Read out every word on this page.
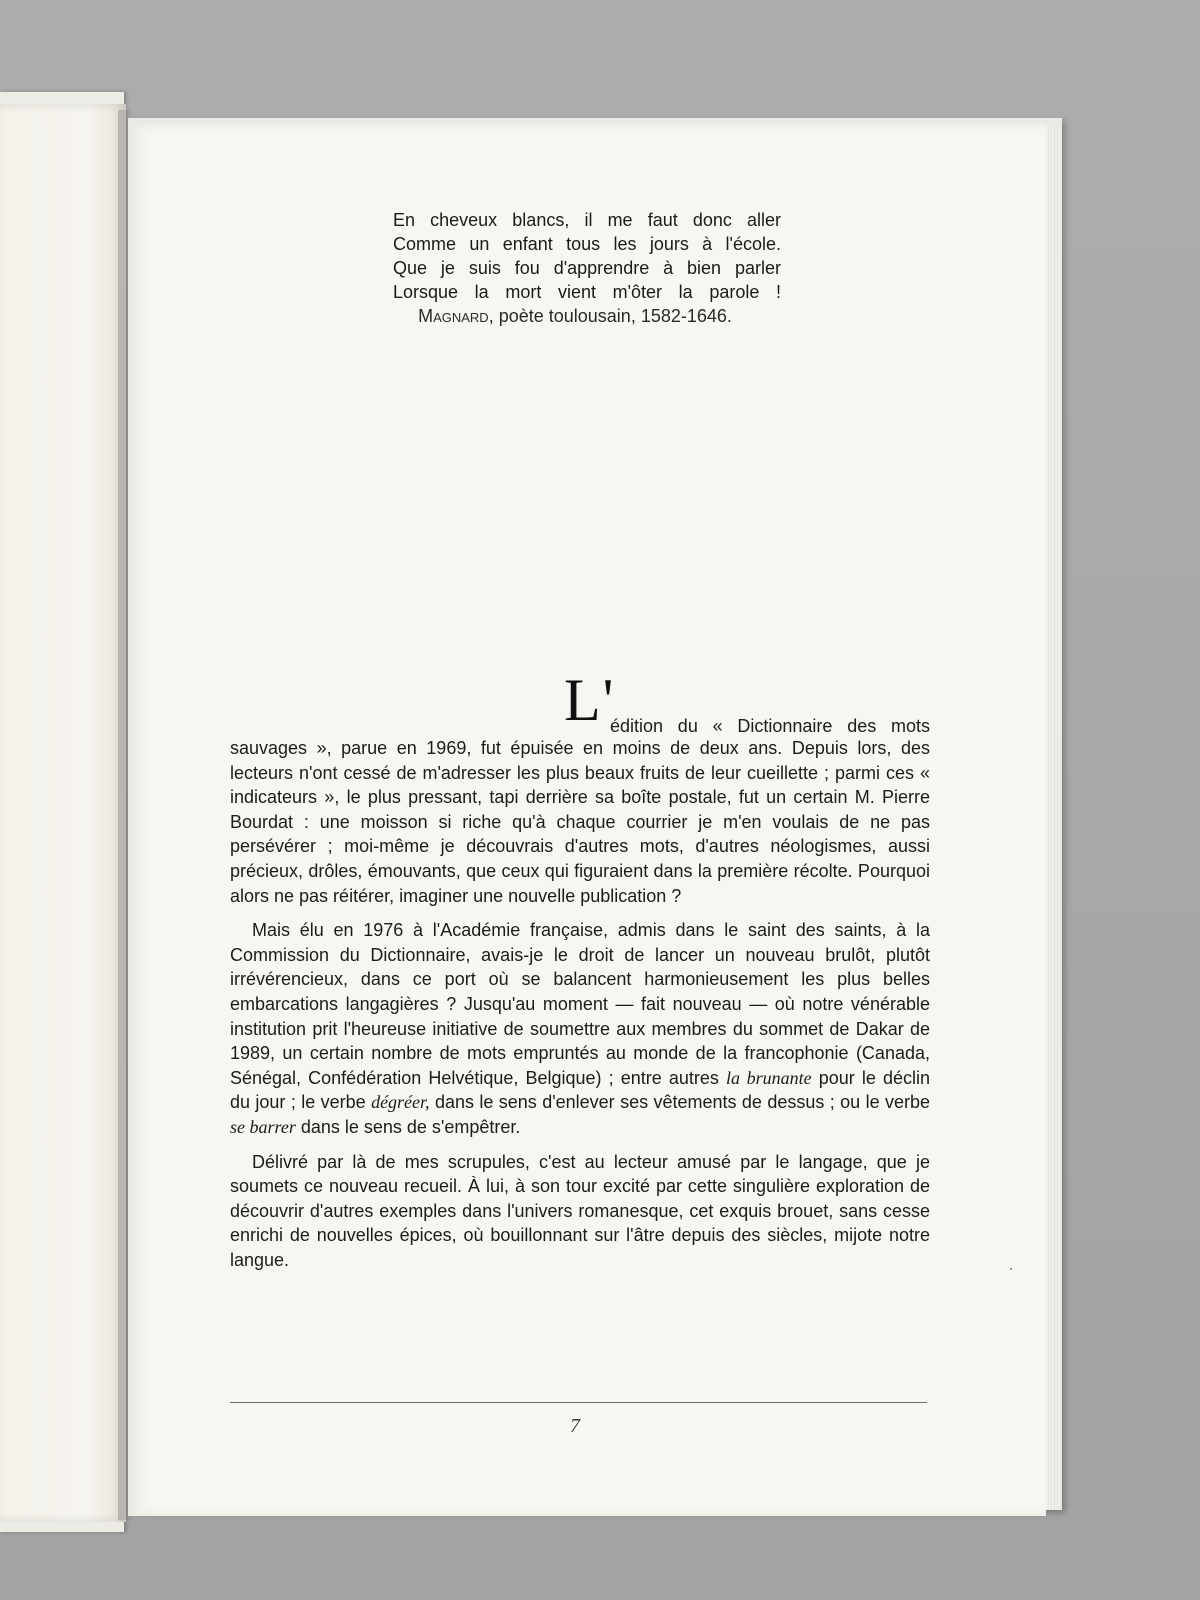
En cheveux blancs, il me faut donc aller
Comme un enfant tous les jours à l'école.
Que je suis fou d'apprendre à bien parler
Lorsque la mort vient m'ôter la parole !
Magnard, poète toulousain, 1582-1646.
L'
édition du « Dictionnaire des mots

sauvages », parue en 1969, fut épuisée en moins de deux ans. Depuis lors, des lecteurs n'ont cessé de m'adresser les plus beaux fruits de leur cueillette ; parmi ces « indicateurs », le plus pressant, tapi derrière sa boîte postale, fut un certain M. Pierre Bourdat : une moisson si riche qu'à chaque courrier je m'en voulais de ne pas persévérer ; moi-même je découvrais d'autres mots, d'autres néologismes, aussi précieux, drôles, émouvants, que ceux qui figuraient dans la première récolte. Pourquoi alors ne pas réitérer, imaginer une nouvelle publication ?

Mais élu en 1976 à l'Académie française, admis dans le saint des saints, à la Commission du Dictionnaire, avais-je le droit de lancer un nouveau brulôt, plutôt irrévérencieux, dans ce port où se balancent harmonieusement les plus belles embarcations langagières ? Jusqu'au moment — fait nouveau — où notre vénérable institution prit l'heureuse initiative de soumettre aux membres du sommet de Dakar de 1989, un certain nombre de mots empruntés au monde de la francophonie (Canada, Sénégal, Confédération Helvétique, Belgique) ; entre autres la brunante pour le déclin du jour ; le verbe dégréer, dans le sens d'enlever ses vêtements de dessus ; ou le verbe se barrer dans le sens de s'empêtrer.

Délivré par là de mes scrupules, c'est au lecteur amusé par le langage, que je soumets ce nouveau recueil. À lui, à son tour excité par cette singulière exploration de découvrir d'autres exemples dans l'univers romanesque, cet exquis brouet, sans cesse enrichi de nouvelles épices, où bouillonnant sur l'âtre depuis des siècles, mijote notre langue.

7
